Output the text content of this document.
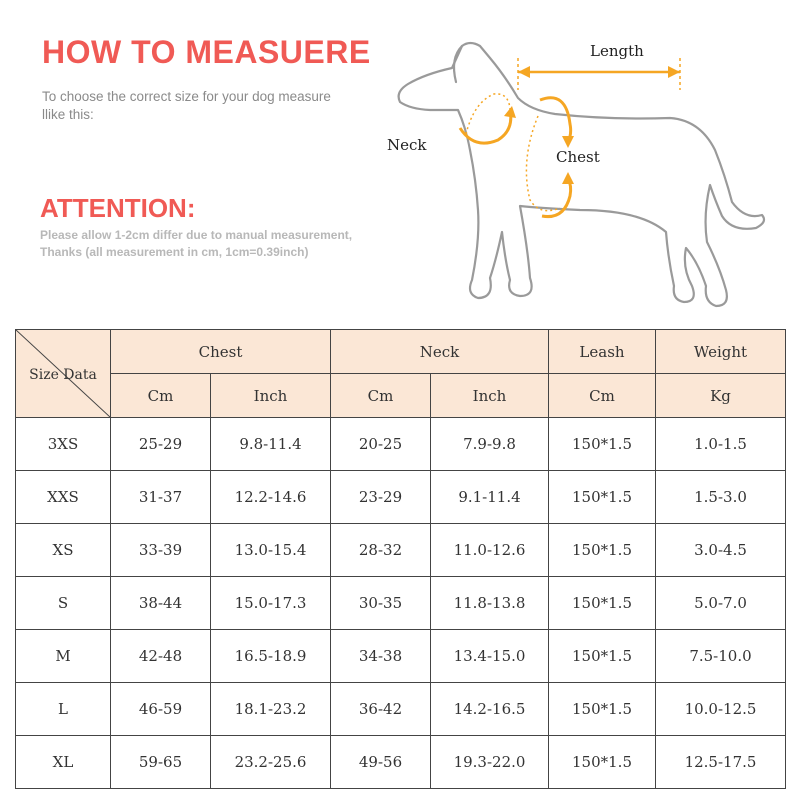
HOW TO MEASUERE
To choose the correct size for your dog measure llike this:
ATTENTION:
Please allow 1-2cm differ due to manual measurement,
Thanks (all measurement in cm, 1cm=0.39inch)
Length
Neck
Chest
Size Data	Chest		Neck		Leash	Weight
	Cm	Inch	Cm	Inch	Cm	Kg
3XS	25-29	9.8-11.4	20-25	7.9-9.8	150*1.5	1.0-1.5
XXS	31-37	12.2-14.6	23-29	9.1-11.4	150*1.5	1.5-3.0
XS	33-39	13.0-15.4	28-32	11.0-12.6	150*1.5	3.0-4.5
S	38-44	15.0-17.3	30-35	11.8-13.8	150*1.5	5.0-7.0
M	42-48	16.5-18.9	34-38	13.4-15.0	150*1.5	7.5-10.0
L	46-59	18.1-23.2	36-42	14.2-16.5	150*1.5	10.0-12.5
XL	59-65	23.2-25.6	49-56	19.3-22.0	150*1.5	12.5-17.5
